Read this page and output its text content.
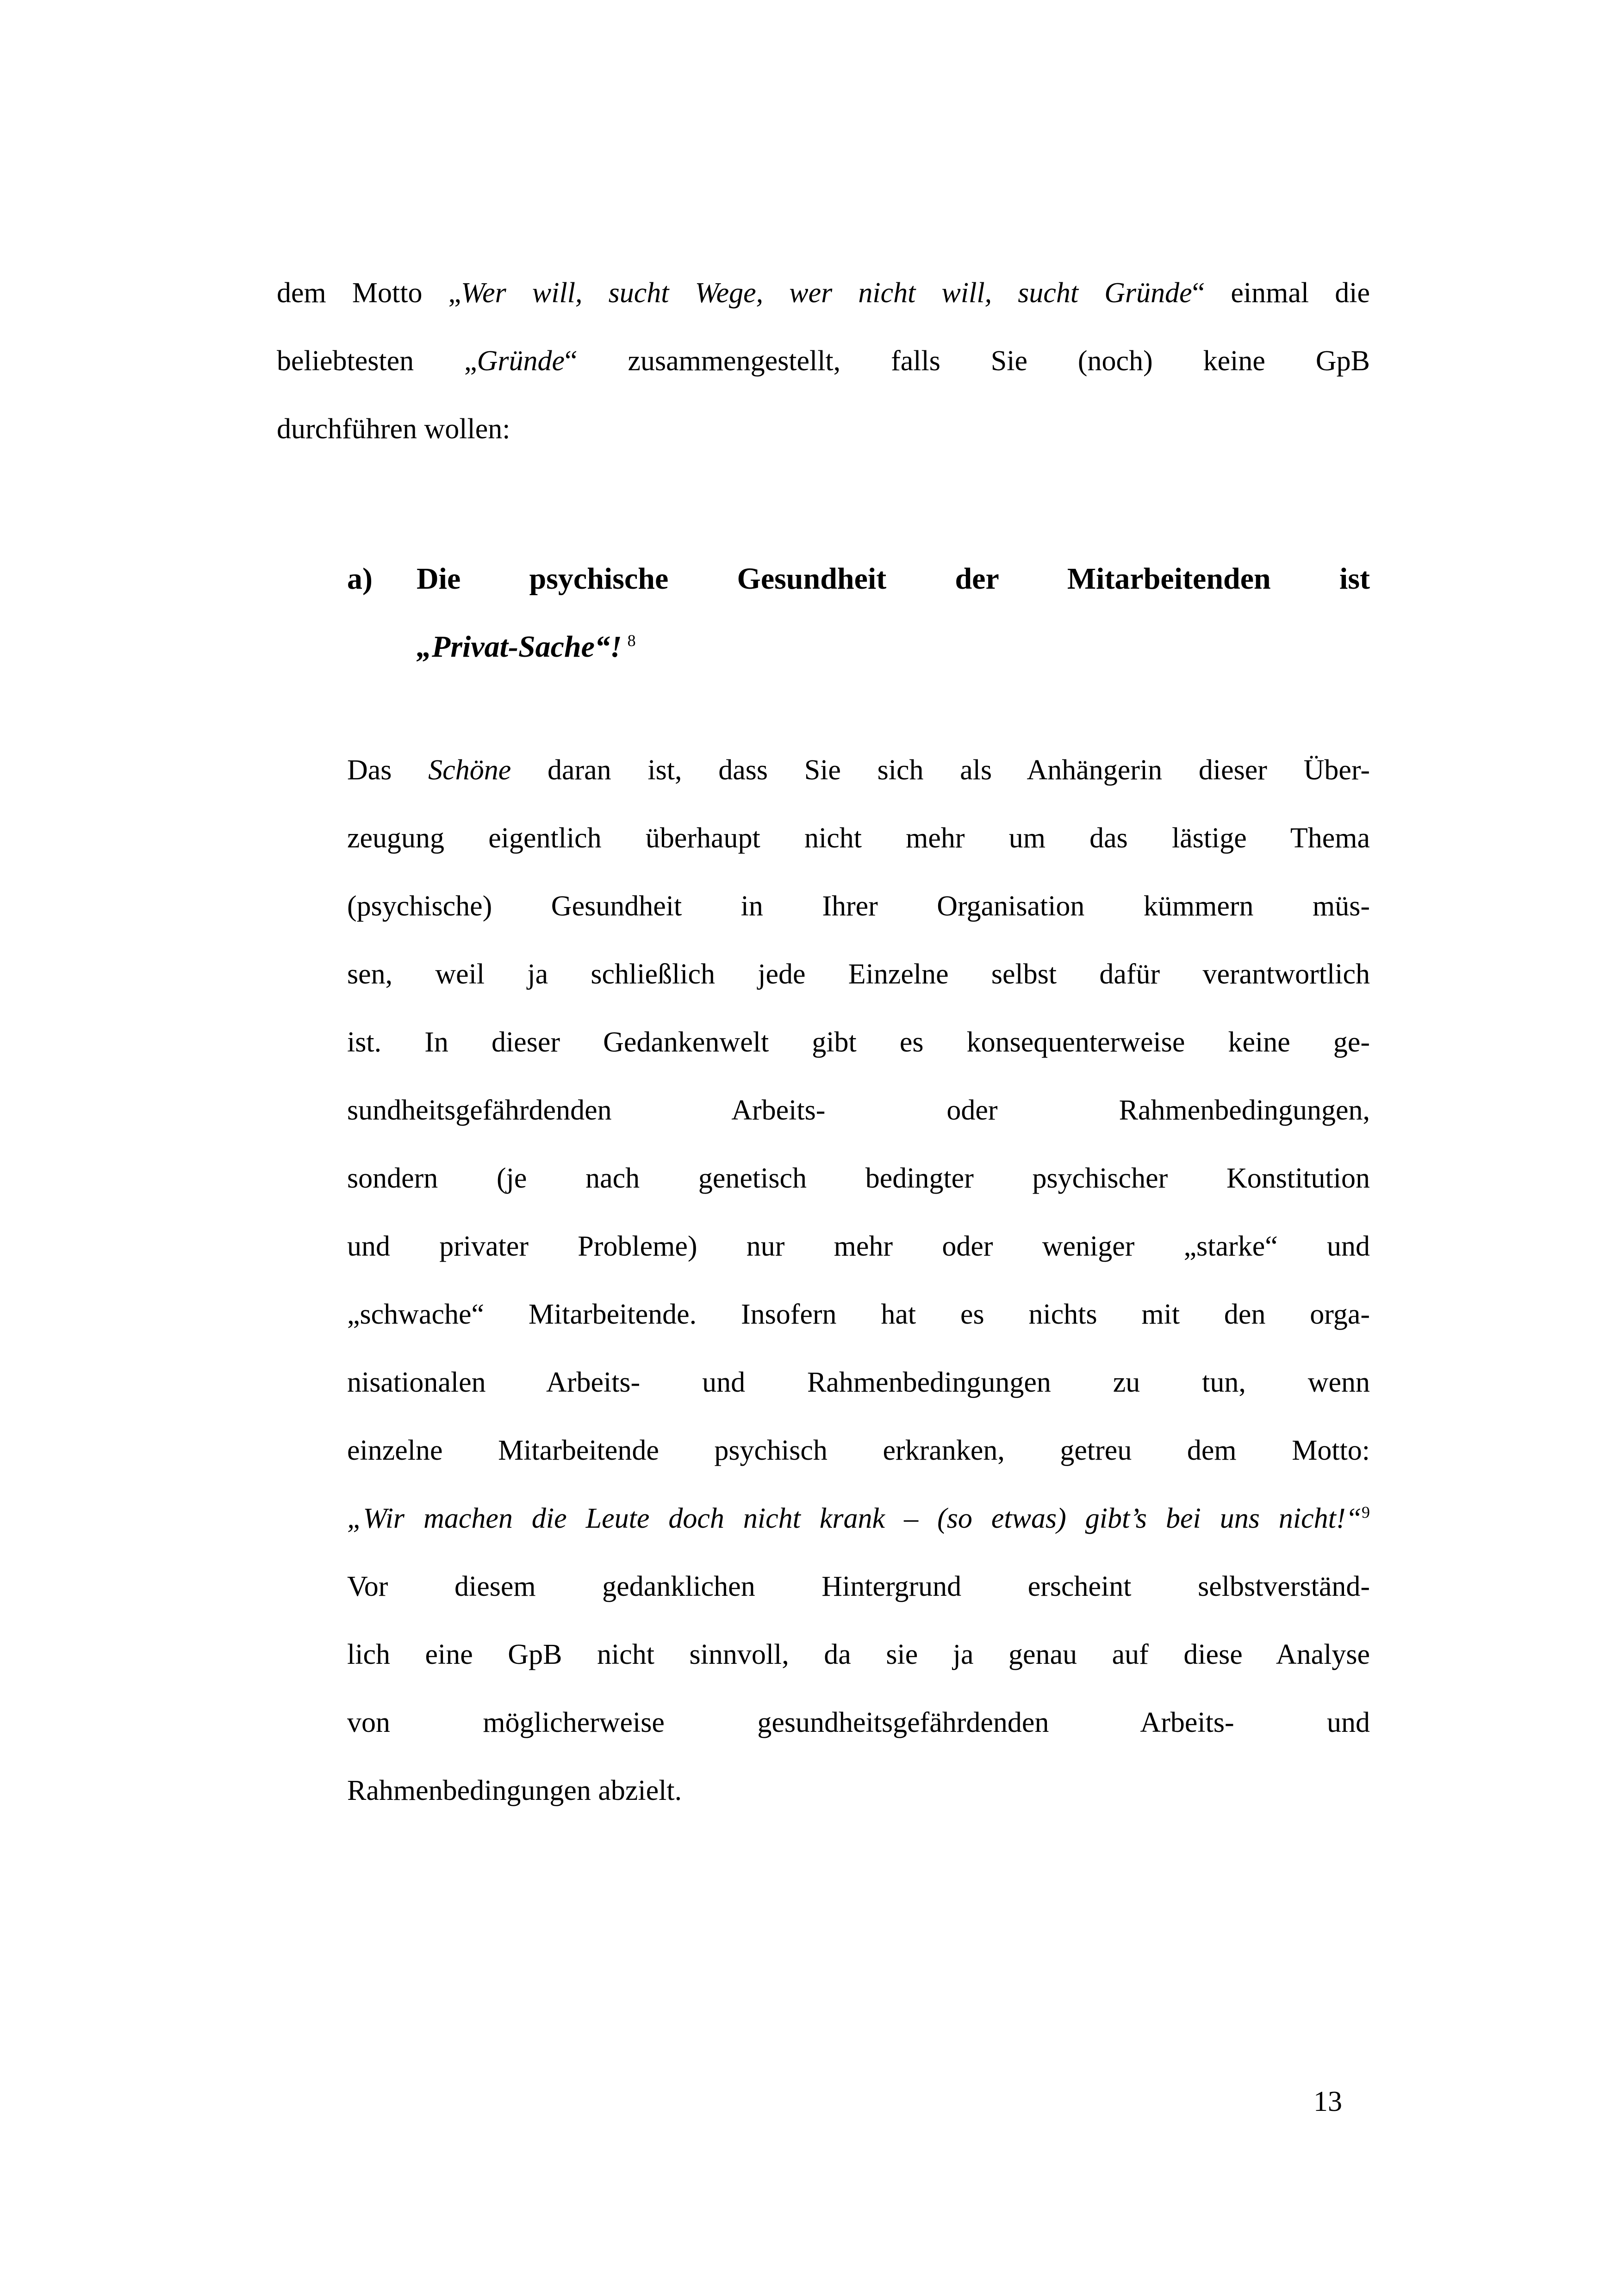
dem Motto „Wer will, sucht Wege, wer nicht will, sucht Gründe“ einmal die
beliebtesten „Gründe“ zusammengestellt, falls Sie (noch) keine GpB
durchführen wollen:
a)	Die psychische Gesundheit der Mitarbeitenden ist
„Privat-Sache“! $^8$
Das Schöne daran ist, dass Sie sich als Anhängerin dieser Über-
zeugung eigentlich überhaupt nicht mehr um das lästige Thema
(psychische) Gesundheit in Ihrer Organisation kümmern müs-
sen, weil ja schließlich jede Einzelne selbst dafür verantwortlich
ist. In dieser Gedankenwelt gibt es konsequenterweise keine ge-
sundheitsgefährdenden Arbeits- oder Rahmenbedingungen,
sondern (je nach genetisch bedingter psychischer Konstitution
und privater Probleme) nur mehr oder weniger „starke“ und
„schwache“ Mitarbeitende. Insofern hat es nichts mit den orga-
nisationalen Arbeits- und Rahmenbedingungen zu tun, wenn
einzelne Mitarbeitende psychisch erkranken, getreu dem Motto:
„Wir machen die Leute doch nicht krank – (so etwas) gibt’s bei uns nicht!“$^9$
Vor diesem gedanklichen Hintergrund erscheint selbstverständ-
lich eine GpB nicht sinnvoll, da sie ja genau auf diese Analyse
von möglicherweise gesundheitsgefährdenden Arbeits- und
Rahmenbedingungen abzielt.
13
